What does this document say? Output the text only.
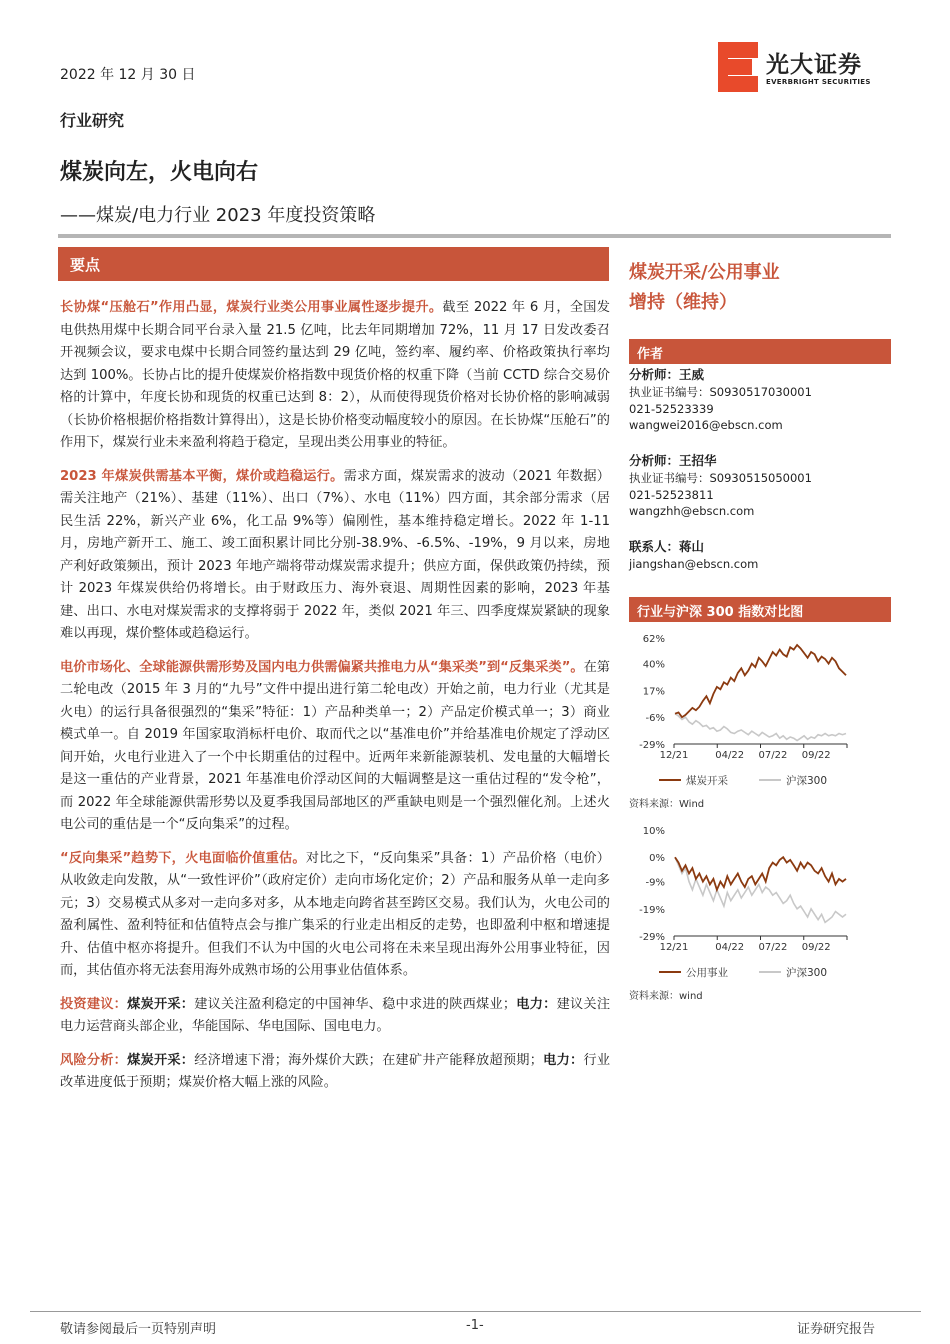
2022 年 12 月 30 日	光大证券
EVERBRIGHT SECURITIES
行业研究
煤炭向左，火电向右
——煤炭/电力行业 2023 年度投资策略
要点

长协煤“压舱石”作用凸显，煤炭行业类公用事业属性逐步提升。截至 2022 年 6 月，全国发电供热用煤中长期合同平台录入量 21.5 亿吨，比去年同期增加 72%，11 月 17 日发改委召开视频会议，要求电煤中长期合同签约量达到 29 亿吨，签约率、履约率、价格政策执行率均达到 100%。长协占比的提升使煤炭价格指数中现货价格的权重下降（当前 CCTD 综合交易价格的计算中，年度长协和现货的权重已达到 8：2），从而使得现货价格对长协价格的影响减弱（长协价格根据价格指数计算得出），这是长协价格变动幅度较小的原因。在长协煤“压舱石”的作用下，煤炭行业未来盈利将趋于稳定，呈现出类公用事业的特征。

2023 年煤炭供需基本平衡，煤价或趋稳运行。需求方面，煤炭需求的波动（2021 年数据）需关注地产（21%）、基建（11%）、出口（7%）、水电（11%）四方面，其余部分需求（居民生活 22%，新兴产业 6%，化工品 9%等）偏刚性，基本维持稳定增长。2022 年 1-11 月，房地产新开工、施工、竣工面积累计同比分别-38.9%、-6.5%、-19%，9 月以来，房地产利好政策频出，预计 2023 年地产端将带动煤炭需求提升；供应方面，保供政策仍持续，预计 2023 年煤炭供给仍将增长。由于财政压力、海外衰退、周期性因素的影响，2023 年基建、出口、水电对煤炭需求的支撑将弱于 2022 年，类似 2021 年三、四季度煤炭紧缺的现象难以再现，煤价整体或趋稳运行。

电价市场化、全球能源供需形势及国内电力供需偏紧共推电力从“集采类”到“反集采类”。在第二轮电改（2015 年 3 月的“九号”文件中提出进行第二轮电改）开始之前，电力行业（尤其是火电）的运行具备很强烈的“集采”特征：1）产品种类单一；2）产品定价模式单一；3）商业模式单一。自 2019 年国家取消标杆电价、取而代之以“基准电价”并给基准电价规定了浮动区间开始，火电行业进入了一个中长期重估的过程中。近两年来新能源装机、发电量的大幅增长是这一重估的产业背景，2021 年基准电价浮动区间的大幅调整是这一重估过程的“发令枪”，而 2022 年全球能源供需形势以及夏季我国局部地区的严重缺电则是一个强烈催化剂。上述火电公司的重估是一个“反向集采”的过程。

“反向集采”趋势下，火电面临价值重估。对比之下，“反向集采”具备：1）产品价格（电价）从收敛走向发散，从“一致性评价”（政府定价）走向市场化定价；2）产品和服务从单一走向多元；3）交易模式从多对一走向多对多，从本地走向跨省甚至跨区交易。我们认为，火电公司的盈利属性、盈利特征和估值特点会与推广集采的行业走出相反的走势，也即盈利中枢和增速提升、估值中枢亦将提升。但我们不认为中国的火电公司将在未来呈现出海外公用事业特征，因而，其估值亦将无法套用海外成熟市场的公用事业估值体系。

投资建议：煤炭开采：建议关注盈利稳定的中国神华、稳中求进的陕西煤业；电力：建议关注电力运营商头部企业，华能国际、华电国际、国电电力。

风险分析：煤炭开采：经济增速下滑；海外煤价大跌；在建矿井产能释放超预期；电力：行业改革进度低于预期；煤炭价格大幅上涨的风险。

煤炭开采/公用事业
增持（维持）
作者
分析师：王威
执业证书编号：S0930517030001
021-52523339
wangwei2016@ebscn.com
分析师：王招华
执业证书编号：S0930515050001
021-52523811
wangzhh@ebscn.com
联系人：蒋山
jiangshan@ebscn.com
行业与沪深 300 指数对比图
62%
40%
17%
-6%
-29%
12/21	04/22 07/22 09/22
煤炭开采	沪深300
资料来源：Wind
10%
0%
-9%
-19%
-29%
12/21	04/22 07/22 09/22
公用事业	沪深300
资料来源：wind
敬请参阅最后一页特别声明	-1-	证券研究报告
